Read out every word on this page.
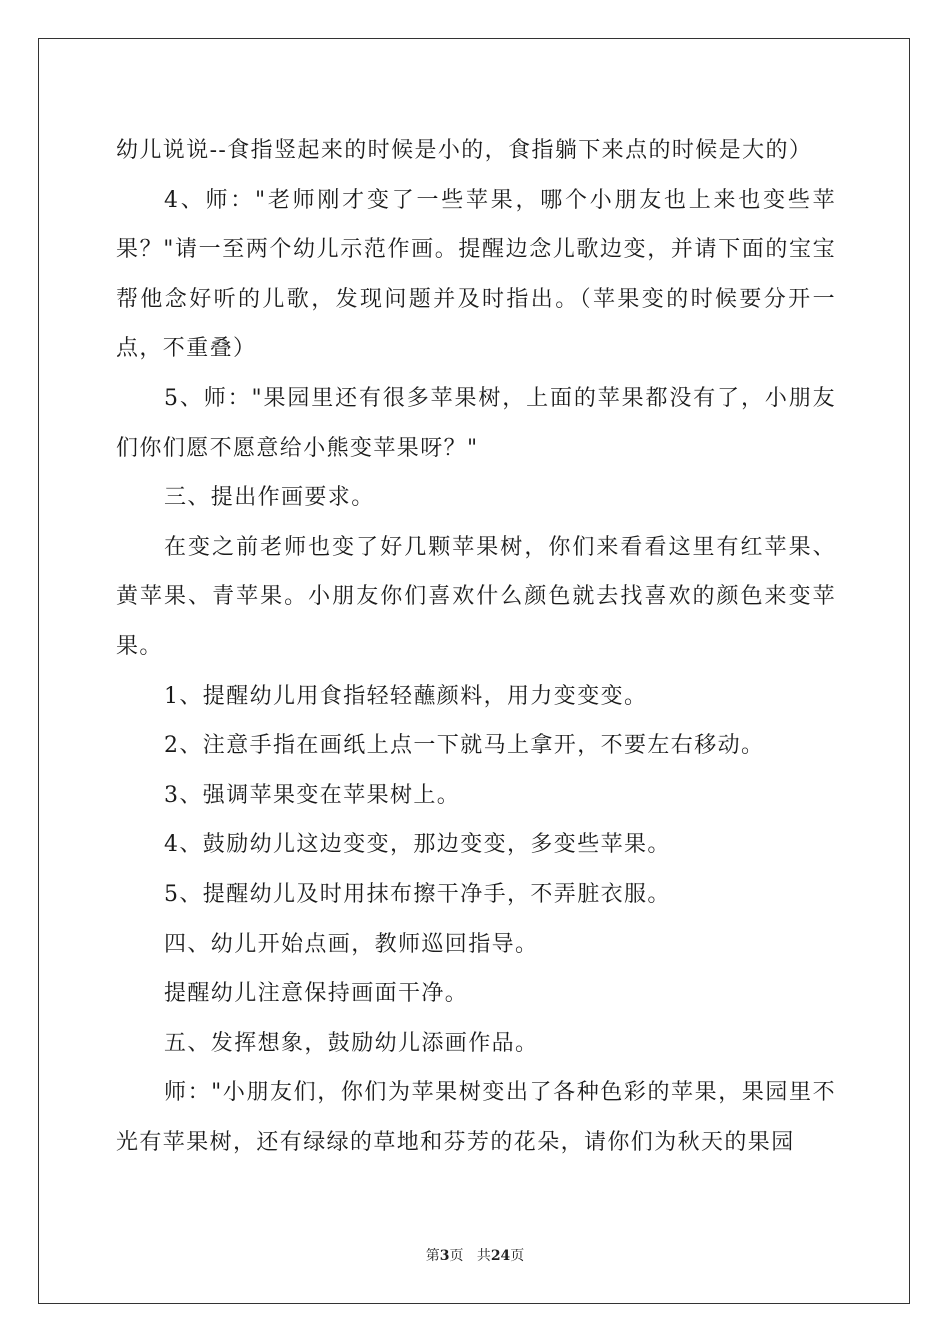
幼儿说说--食指竖起来的时候是小的，食指躺下来点的时候是大的）

4、师："老师刚才变了一些苹果，哪个小朋友也上来也变些苹果？"请一至两个幼儿示范作画。提醒边念儿歌边变，并请下面的宝宝帮他念好听的儿歌，发现问题并及时指出。（苹果变的时候要分开一点，不重叠）

5、师："果园里还有很多苹果树，上面的苹果都没有了，小朋友们你们愿不愿意给小熊变苹果呀？"

三、提出作画要求。

在变之前老师也变了好几颗苹果树，你们来看看这里有红苹果、黄苹果、青苹果。小朋友你们喜欢什么颜色就去找喜欢的颜色来变苹果。

1、提醒幼儿用食指轻轻蘸颜料，用力变变变。

2、注意手指在画纸上点一下就马上拿开，不要左右移动。

3、强调苹果变在苹果树上。

4、鼓励幼儿这边变变，那边变变，多变些苹果。

5、提醒幼儿及时用抹布擦干净手，不弄脏衣服。

四、幼儿开始点画，教师巡回指导。

提醒幼儿注意保持画面干净。

五、发挥想象，鼓励幼儿添画作品。

师："小朋友们，你们为苹果树变出了各种色彩的苹果，果园里不光有苹果树，还有绿绿的草地和芬芳的花朵，请你们为秋天的果园

第3页 共24页
